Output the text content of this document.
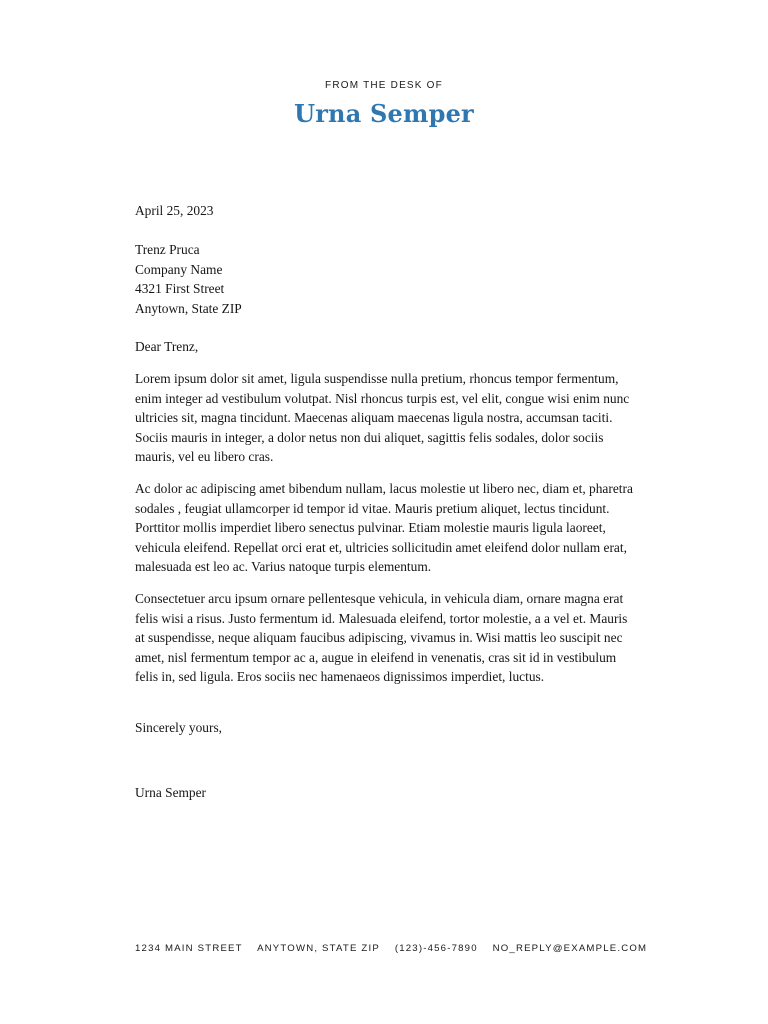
FROM THE DESK OF
Urna Semper
April 25, 2023
Trenz Pruca
Company Name
4321 First Street
Anytown, State ZIP
Dear Trenz,

Lorem ipsum dolor sit amet, ligula suspendisse nulla pretium, rhoncus tempor fermentum, enim integer ad vestibulum volutpat. Nisl rhoncus turpis est, vel elit, congue wisi enim nunc ultricies sit, magna tincidunt. Maecenas aliquam maecenas ligula nostra, accumsan taciti. Sociis mauris in integer, a dolor netus non dui aliquet, sagittis felis sodales, dolor sociis mauris, vel eu libero cras.

Ac dolor ac adipiscing amet bibendum nullam, lacus molestie ut libero nec, diam et, pharetra sodales , feugiat ullamcorper id tempor id vitae. Mauris pretium aliquet, lectus tincidunt. Porttitor mollis imperdiet libero senectus pulvinar. Etiam molestie mauris ligula laoreet, vehicula eleifend. Repellat orci erat et, ultricies sollicitudin amet eleifend dolor nullam erat, malesuada est leo ac. Varius natoque turpis elementum.

Consectetuer arcu ipsum ornare pellentesque vehicula, in vehicula diam, ornare magna erat felis wisi a risus. Justo fermentum id. Malesuada eleifend, tortor molestie, a a vel et. Mauris at suspendisse, neque aliquam faucibus adipiscing, vivamus in. Wisi mattis leo suscipit nec amet, nisl fermentum tempor ac a, augue in eleifend in venenatis, cras sit id in vestibulum felis in, sed ligula. Eros sociis nec hamenaeos dignissimos imperdiet, luctus.

Sincerely yours,
Urna Semper
1234 MAIN STREET ANYTOWN, STATE ZIP (123)-456-7890 NO_REPLY@EXAMPLE.COM
